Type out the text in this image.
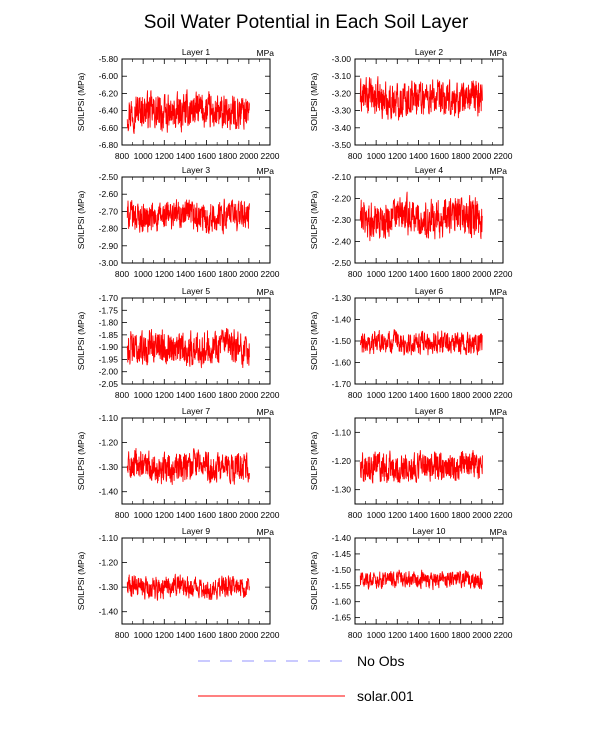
Soil Water Potential in Each Soil Layer
Layer 1	MPa
SOILPSI (MPa)
800 1000 1200 1400 1600 1800 2000 2200
-5.80
-6.00
-6.20
-6.40
-6.60
-6.80
Layer 2	MPa
SOILPSI (MPa)
800 1000 1200 1400 1600 1800 2000 2200
-3.00
-3.10
-3.20
-3.30
-3.40
-3.50
Layer 3	MPa
SOILPSI (MPa)
800 1000 1200 1400 1600 1800 2000 2200
-2.50
-2.60
-2.70
-2.80
-2.90
-3.00
Layer 4	MPa
SOILPSI (MPa)
800 1000 1200 1400 1600 1800 2000 2200
-2.10
-2.20
-2.30
-2.40
-2.50
Layer 5	MPa
SOILPSI (MPa)
800 1000 1200 1400 1600 1800 2000 2200
-1.70
-1.75
-1.80
-1.85
-1.90
-1.95
-2.00
-2.05
Layer 6	MPa
SOILPSI (MPa)
800 1000 1200 1400 1600 1800 2000 2200
-1.30
-1.40
-1.50
-1.60
-1.70
Layer 7	MPa
SOILPSI (MPa)
800 1000 1200 1400 1600 1800 2000 2200
-1.10
-1.20
-1.30
-1.40
Layer 8	MPa
SOILPSI (MPa)
800 1000 1200 1400 1600 1800 2000 2200
-1.10
-1.20
-1.30
Layer 9	MPa
SOILPSI (MPa)
800 1000 1200 1400 1600 1800 2000 2200
-1.10
-1.20
-1.30
-1.40
Layer 10	MPa
SOILPSI (MPa)
800 1000 1200 1400 1600 1800 2000 2200
-1.40
-1.45
-1.50
-1.55
-1.60
-1.65
No Obs
solar.001
